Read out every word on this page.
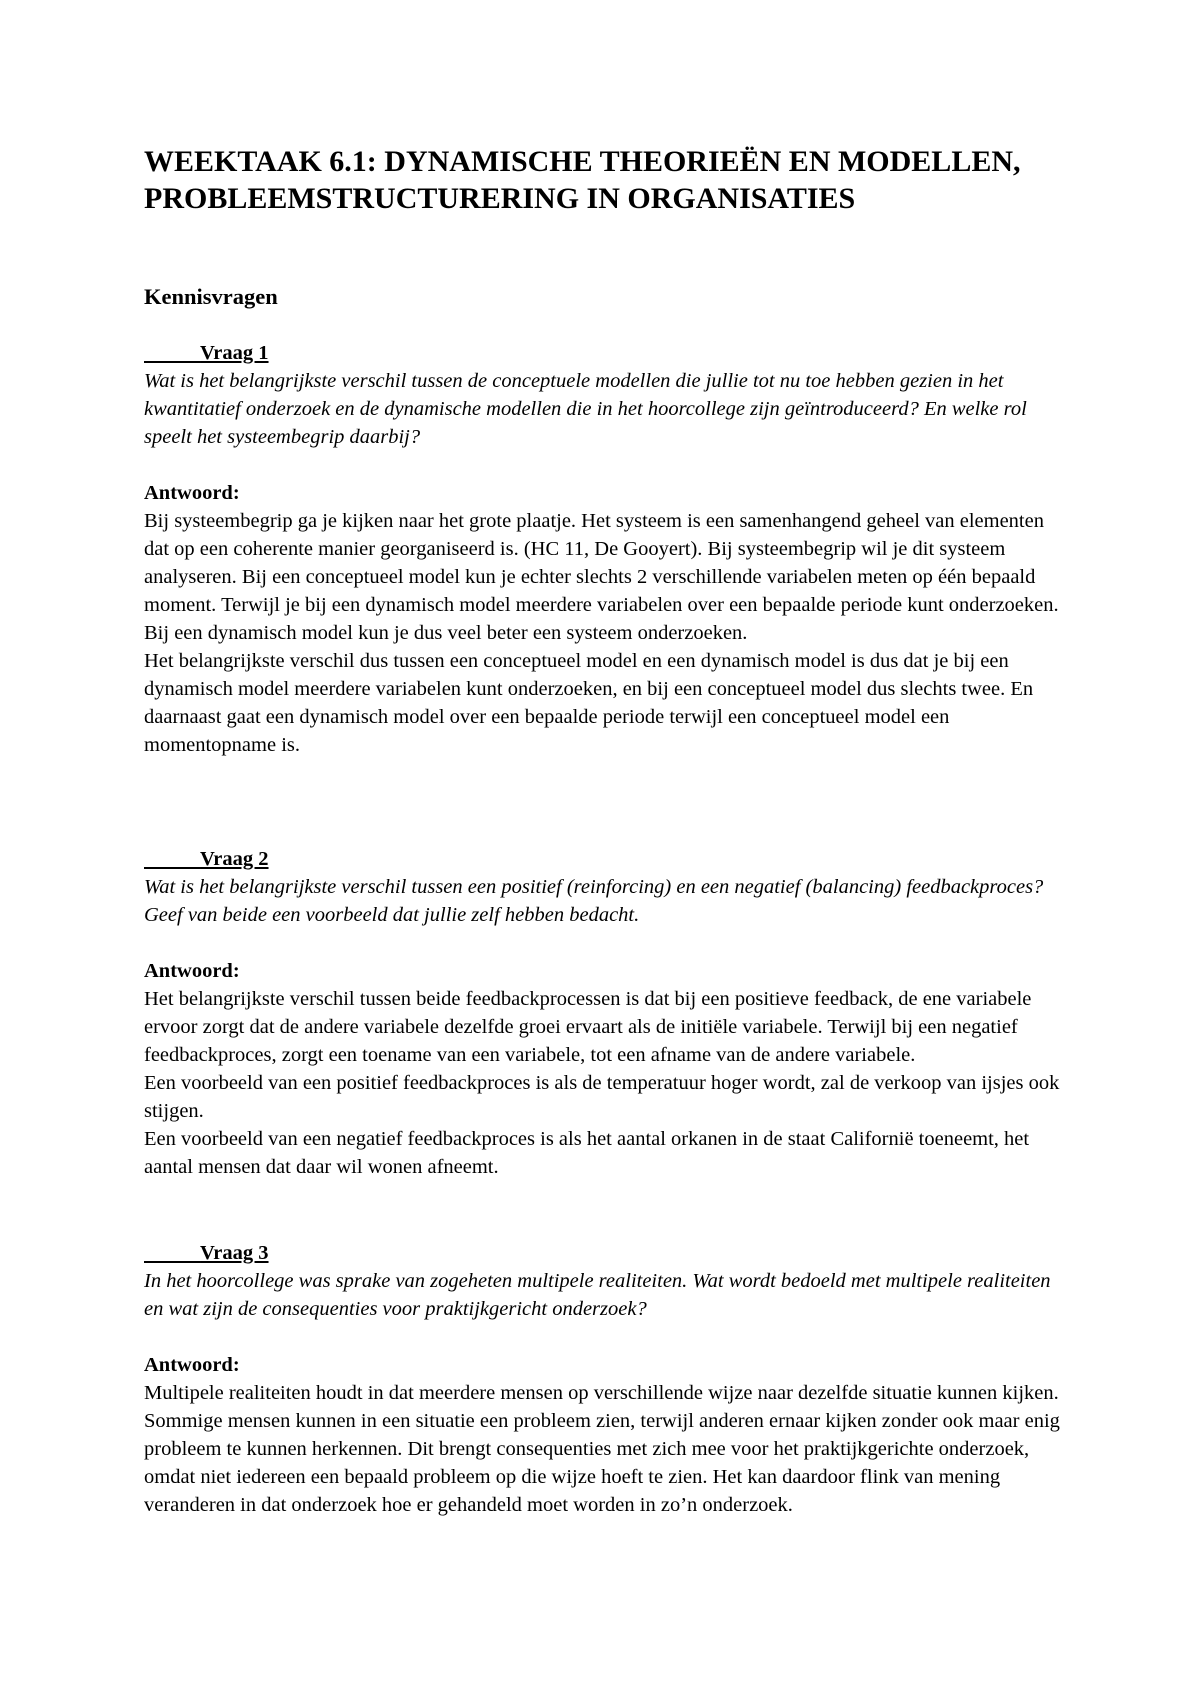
WEEKTAAK 6.1: DYNAMISCHE THEORIEËN EN MODELLEN, PROBLEEMSTRUCTURERING IN ORGANISATIES
Kennisvragen

Vraag 1

Wat is het belangrijkste verschil tussen de conceptuele modellen die jullie tot nu toe hebben gezien in het kwantitatief onderzoek en de dynamische modellen die in het hoorcollege zijn geïntroduceerd? En welke rol speelt het systeembegrip daarbij?

Antwoord:

Bij systeembegrip ga je kijken naar het grote plaatje. Het systeem is een samenhangend geheel van elementen dat op een coherente manier georganiseerd is. (HC 11, De Gooyert). Bij systeembegrip wil je dit systeem analyseren. Bij een conceptueel model kun je echter slechts 2 verschillende variabelen meten op één bepaald moment. Terwijl je bij een dynamisch model meerdere variabelen over een bepaalde periode kunt onderzoeken. Bij een dynamisch model kun je dus veel beter een systeem onderzoeken.

Het belangrijkste verschil dus tussen een conceptueel model en een dynamisch model is dus dat je bij een dynamisch model meerdere variabelen kunt onderzoeken, en bij een conceptueel model dus slechts twee. En daarnaast gaat een dynamisch model over een bepaalde periode terwijl een conceptueel model een momentopname is.

Vraag 2

Wat is het belangrijkste verschil tussen een positief (reinforcing) en een negatief (balancing) feedbackproces? Geef van beide een voorbeeld dat jullie zelf hebben bedacht.

Antwoord:

Het belangrijkste verschil tussen beide feedbackprocessen is dat bij een positieve feedback, de ene variabele ervoor zorgt dat de andere variabele dezelfde groei ervaart als de initiële variabele. Terwijl bij een negatief feedbackproces, zorgt een toename van een variabele, tot een afname van de andere variabele.

Een voorbeeld van een positief feedbackproces is als de temperatuur hoger wordt, zal de verkoop van ijsjes ook stijgen.

Een voorbeeld van een negatief feedbackproces is als het aantal orkanen in de staat Californië toeneemt, het aantal mensen dat daar wil wonen afneemt.

Vraag 3

In het hoorcollege was sprake van zogeheten multipele realiteiten. Wat wordt bedoeld met multipele realiteiten en wat zijn de consequenties voor praktijkgericht onderzoek?

Antwoord:

Multipele realiteiten houdt in dat meerdere mensen op verschillende wijze naar dezelfde situatie kunnen kijken. Sommige mensen kunnen in een situatie een probleem zien, terwijl anderen ernaar kijken zonder ook maar enig probleem te kunnen herkennen. Dit brengt consequenties met zich mee voor het praktijkgerichte onderzoek, omdat niet iedereen een bepaald probleem op die wijze hoeft te zien. Het kan daardoor flink van mening veranderen in dat onderzoek hoe er gehandeld moet worden in zo’n onderzoek.
